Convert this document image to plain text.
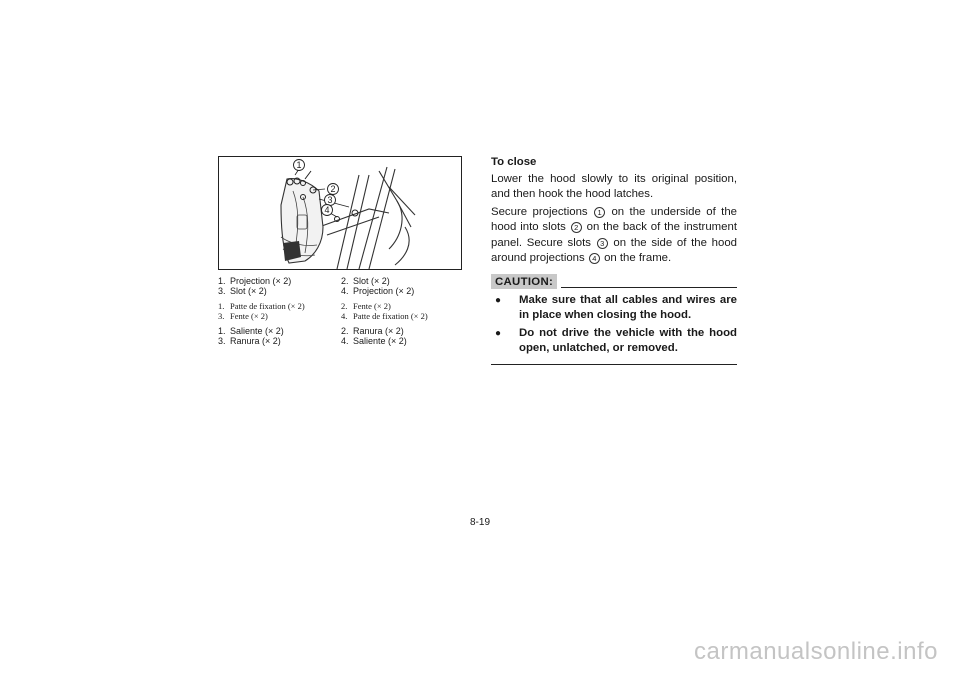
1
2
3
4
1. Projection (× 2)	2. Slot (× 2)
3. Slot (× 2)	4. Projection (× 2)
1. Patte de fixation (× 2)	2. Fente (× 2)
3. Fente (× 2)	4. Patte de fixation (× 2)
1. Saliente (× 2)	2. Ranura (× 2)
3. Ranura (× 2)	4. Saliente (× 2)
To close

Lower the hood slowly to its original position, and then hook the hood latches.

Secure projections 1 on the underside of the hood into slots 2 on the back of the instrument panel. Secure slots 3 on the side of the hood around projections 4 on the frame.

CAUTION:
●	Make sure that all cables and wires are in place when closing the hood.
●	Do not drive the vehicle with the hood open, unlatched, or removed.
8-19
carmanualsonline.info
